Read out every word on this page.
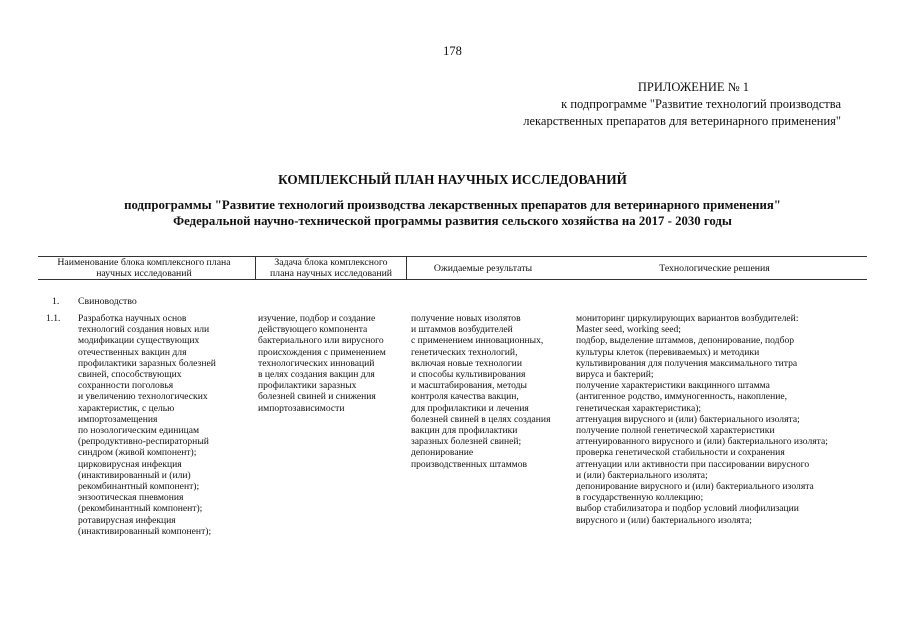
178
ПРИЛОЖЕНИЕ № 1
к подпрограмме "Развитие технологий производства
лекарственных препаратов для ветеринарного применения"
КОМПЛЕКСНЫЙ ПЛАН НАУЧНЫХ ИССЛЕДОВАНИЙ
подпрограммы "Развитие технологий производства лекарственных препаратов для ветеринарного применения"
Федеральной научно-технической программы развития сельского хозяйства на 2017 - 2030 годы
Наименование блока комплексного плана
научных исследований
Задача блока комплексного
плана научных исследований	Ожидаемые результаты	Технологические решения
1. Свиноводство
1.1. Разработка научных основ
технологий создания новых или
модификации существующих
отечественных вакцин для
профилактики заразных болезней
свиней, способствующих
сохранности поголовья
и увеличению технологических
характеристик, с целью
импортозамещения
по нозологическим единицам
(репродуктивно-респираторный
синдром (живой компонент);
цирковирусная инфекция
(инактивированный и (или)
рекомбинантный компонент);
энзоотическая пневмония
(рекомбинантный компонент);
ротавирусная инфекция
(инактивированный компонент);
изучение, подбор и создание
действующего компонента
бактериального или вирусного
происхождения с применением
технологических инноваций
в целях создания вакцин для
профилактики заразных
болезней свиней и снижения
импортозависимости
получение новых изолятов
и штаммов возбудителей
с применением инновационных,
генетических технологий,
включая новые технологии
и способы культивирования
и масштабирования, методы
контроля качества вакцин,
для профилактики и лечения
болезней свиней в целях создания
вакцин для профилактики
заразных болезней свиней;
депонирование
производственных штаммов
мониторинг циркулирующих вариантов возбудителей:
Master seed, working seed;
подбор, выделение штаммов, депонирование, подбор
культуры клеток (перевиваемых) и методики
культивирования для получения максимального титра
вируса и бактерий;
получение характеристики вакцинного штамма
(антигенное родство, иммуногенность, накопление,
генетическая характеристика);
аттенуация вирусного и (или) бактериального изолята;
получение полной генетической характеристики
аттенуированного вирусного и (или) бактериального изолята;
проверка генетической стабильности и сохранения
аттенуации или активности при пассировании вирусного
и (или) бактериального изолята;
депонирование вирусного и (или) бактериального изолята
в государственную коллекцию;
выбор стабилизатора и подбор условий лиофилизации
вирусного и (или) бактериального изолята;
